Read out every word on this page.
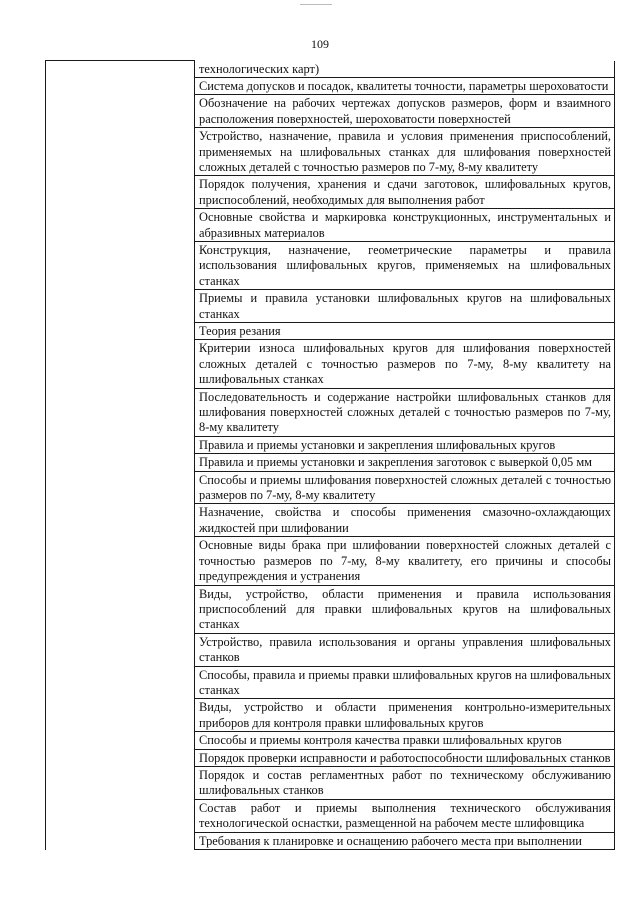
109
	технологических карт)
Система допусков и посадок, квалитеты точности, параметры шероховатости
Обозначение на рабочих чертежах допусков размеров, форм и взаимного расположения поверхностей, шероховатости поверхностей
Устройство, назначение, правила и условия применения приспособлений, применяемых на шлифовальных станках для шлифования поверхностей сложных деталей с точностью размеров по 7-му, 8-му квалитету
Порядок получения, хранения и сдачи заготовок, шлифовальных кругов, приспособлений, необходимых для выполнения работ
Основные свойства и маркировка конструкционных, инструментальных и абразивных материалов
Конструкция, назначение, геометрические параметры и правила использования шлифовальных кругов, применяемых на шлифовальных станках
Приемы и правила установки шлифовальных кругов на шлифовальных станках
Теория резания
Критерии износа шлифовальных кругов для шлифования поверхностей сложных деталей с точностью размеров по 7-му, 8-му квалитету на шлифовальных станках
Последовательность и содержание настройки шлифовальных станков для шлифования поверхностей сложных деталей с точностью размеров по 7-му, 8-му квалитету
Правила и приемы установки и закрепления шлифовальных кругов
Правила и приемы установки и закрепления заготовок с выверкой 0,05 мм
Способы и приемы шлифования поверхностей сложных деталей с точностью размеров по 7-му, 8-му квалитету
Назначение, свойства и способы применения смазочно-охлаждающих жидкостей при шлифовании
Основные виды брака при шлифовании поверхностей сложных деталей с точностью размеров по 7-му, 8-му квалитету, его причины и способы предупреждения и устранения
Виды, устройство, области применения и правила использования приспособлений для правки шлифовальных кругов на шлифовальных станках
Устройство, правила использования и органы управления шлифовальных станков
Способы, правила и приемы правки шлифовальных кругов на шлифовальных станках
Виды, устройство и области применения контрольно-измерительных приборов для контроля правки шлифовальных кругов
Способы и приемы контроля качества правки шлифовальных кругов
Порядок проверки исправности и работоспособности шлифовальных станков
Порядок и состав регламентных работ по техническому обслуживанию шлифовальных станков
Состав работ и приемы выполнения технического обслуживания технологической оснастки, размещенной на рабочем месте шлифовщика
Требования к планировке и оснащению рабочего места при выполнении
